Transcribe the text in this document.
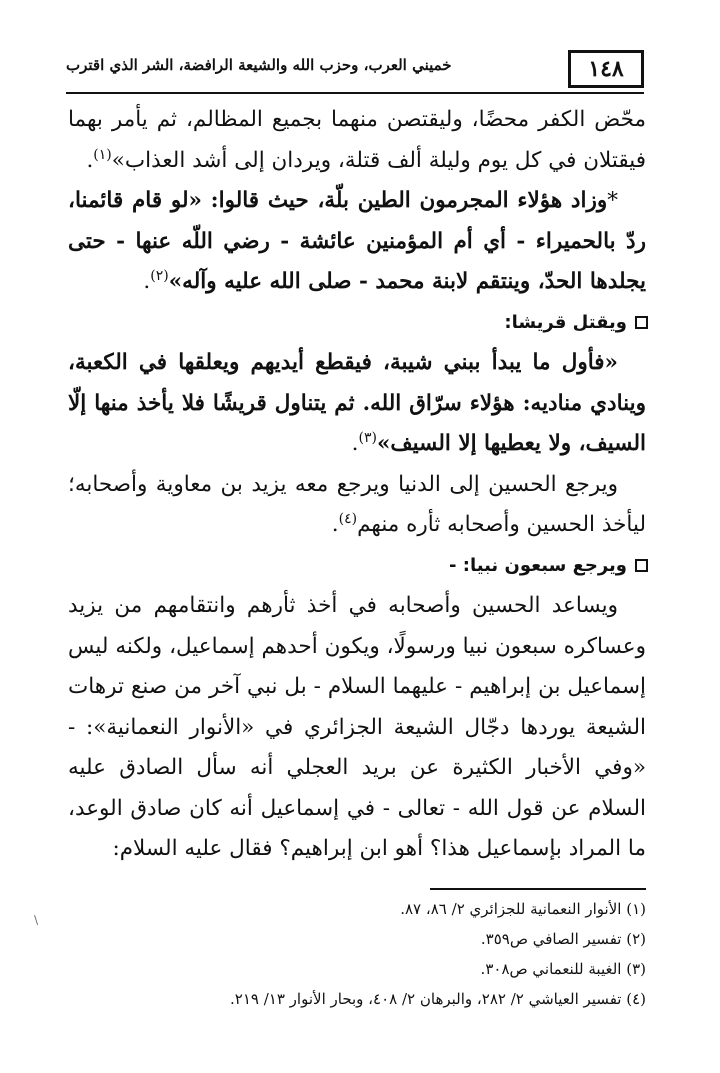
١٤٨
خميني العرب، وحزب الله والشيعة الرافضة، الشر الذي اقترب

محّض الكفر محضًا، وليقتصن منهما بجميع المظالم، ثم يأمر بهما فيقتلان في كل يوم وليلة ألف قتلة، ويردان إلى أشد العذاب»$^{(١)}$.

*وزاد هؤلاء المجرمون الطين بلّة، حيث قالوا: «لو قام قائمنا، ردّ بالحميراء - أي أم المؤمنين عائشة - رضي اللّه عنها - حتى يجلدها الحدّ، وينتقم لابنة محمد - صلى الله عليه وآله»$^{(٢)}$.

ويقتل قريشا:

«فأول ما يبدأ ببني شيبة، فيقطع أيديهم ويعلقها في الكعبة، وينادي مناديه: هؤلاء سرّاق الله. ثم يتناول قريشًا فلا يأخذ منها إلّا السيف، ولا يعطيها إلا السيف»$^{(٣)}$.

ويرجع الحسين إلى الدنيا ويرجع معه يزيد بن معاوية وأصحابه؛ ليأخذ الحسين وأصحابه ثأره منهم$^{(٤)}$.

ويرجع سبعون نبيا: -

ويساعد الحسين وأصحابه في أخذ ثأرهم وانتقامهم من يزيد وعساكره سبعون نبيا ورسولًا، ويكون أحدهم إسماعيل، ولكنه ليس إسماعيل بن إبراهيم - عليهما السلام - بل نبي آخر من صنع ترهات الشيعة يوردها دجّال الشيعة الجزائري في «الأنوار النعمانية»: - «وفي الأخبار الكثيرة عن بريد العجلي أنه سأل الصادق عليه السلام عن قول الله - تعالى - في إسماعيل أنه كان صادق الوعد، ما المراد بإسماعيل هذا؟ أهو ابن إبراهيم؟ فقال عليه السلام:

(١) الأنوار النعمانية للجزائري ٢/ ٨٦، ٨٧.
(٢) تفسير الصافي ص٣٥٩.
(٣) الغيبة للنعماني ص٣٠٨.
(٤) تفسير العياشي ٢/ ٢٨٢، والبرهان ٢/ ٤٠٨، وبحار الأنوار ١٣/ ٢١٩.
/
